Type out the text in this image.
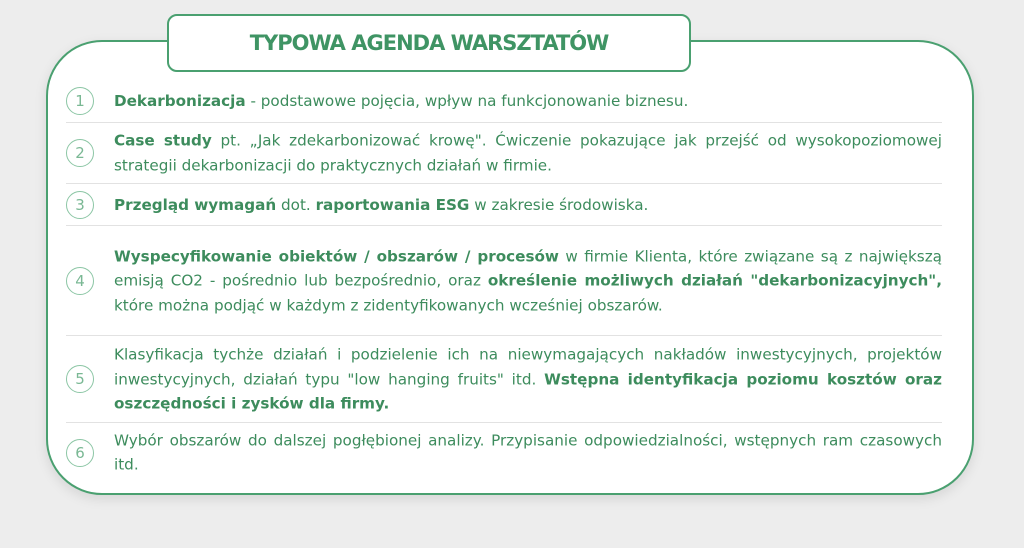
TYPOWA AGENDA WARSZTATÓW
1	Dekarbonizacja - podstawowe pojęcia, wpływ na funkcjonowanie biznesu.
2
Case study pt. „Jak zdekarbonizować krowę". Ćwiczenie pokazujące jak przejść od wysokopoziomowej strategii dekarbonizacji do praktycznych działań w firmie.
3	Przegląd wymagań dot. raportowania ESG w zakresie środowiska.
4
Wyspecyfikowanie obiektów / obszarów / procesów w firmie Klienta, które związane są z największą emisją CO2 - pośrednio lub bezpośrednio, oraz określenie możliwych działań "dekarbonizacyjnych", które można podjąć w każdym z zidentyfikowanych wcześniej obszarów.
5
Klasyfikacja tychże działań i podzielenie ich na niewymagających nakładów inwestycyjnych, projektów inwestycyjnych, działań typu "low hanging fruits" itd. Wstępna identyfikacja poziomu kosztów oraz oszczędności i zysków dla firmy.
6
Wybór obszarów do dalszej pogłębionej analizy. Przypisanie odpowiedzialności, wstępnych ram czasowych itd.
